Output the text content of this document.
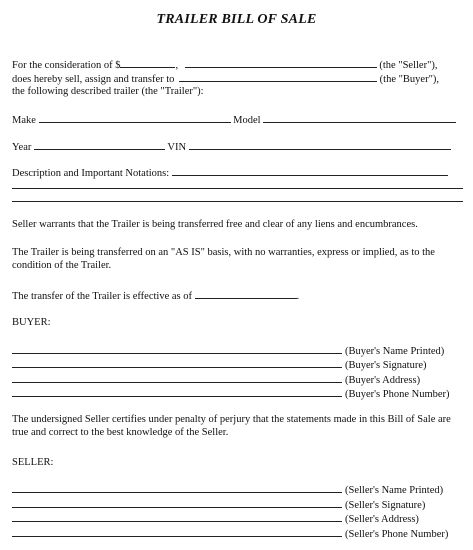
TRAILER BILL OF SALE
For the consideration of $	,	(the "Seller"),
does hereby sell, assign and transfer to	(the "Buyer"),
the following described trailer (the "Trailer"):
Make	Model
Year	VIN
Description and Important Notations:
Seller warrants that the Trailer is being transferred free and clear of any liens and encumbrances.
The Trailer is being transferred on an "AS IS" basis, with no warranties, express or implied, as to the condition of the Trailer.
The transfer of the Trailer is effective as of	.
BUYER:
(Buyer's Name Printed)
(Buyer's Signature)
(Buyer's Address)
(Buyer's Phone Number)
The undersigned Seller certifies under penalty of perjury that the statements made in this Bill of Sale are true and correct to the best knowledge of the Seller.
SELLER:
(Seller's Name Printed)
(Seller's Signature)
(Seller's Address)
(Seller's Phone Number)
